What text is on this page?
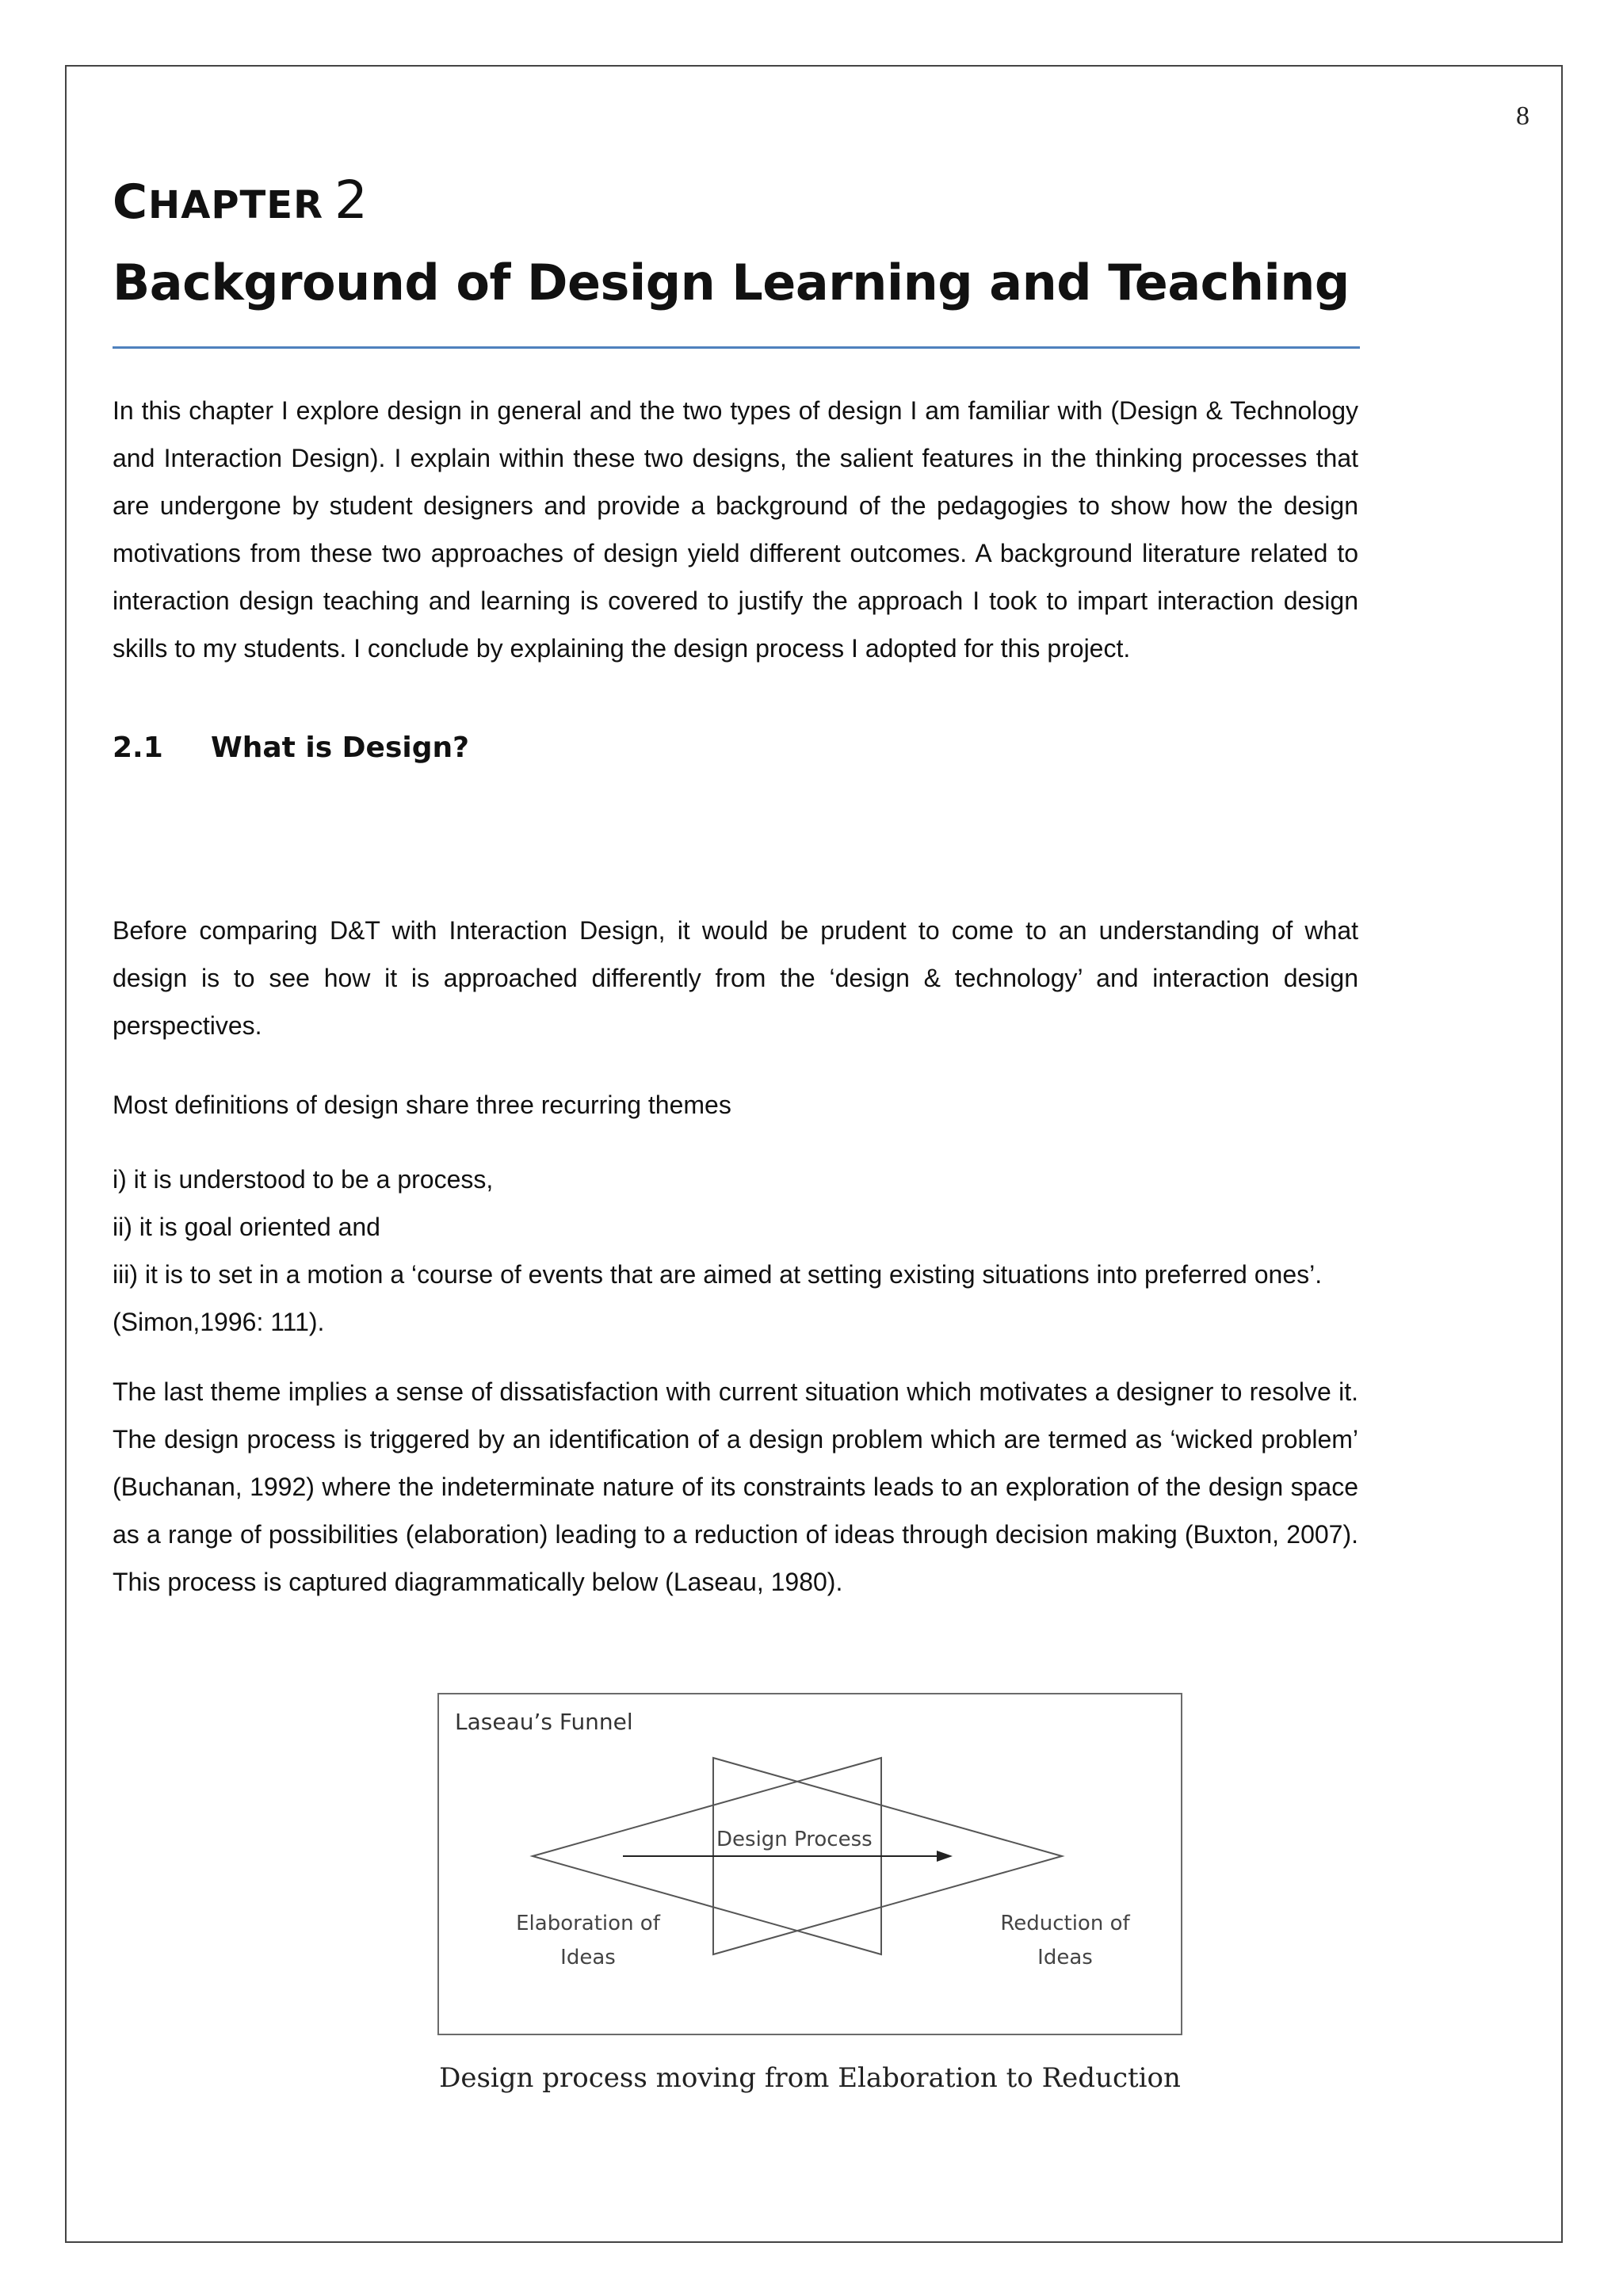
8
CHAPTER 2
Background of Design Learning and Teaching

In this chapter I explore design in general and the two types of design I am familiar with (Design & Technology and Interaction Design). I explain within these two designs, the salient features in the thinking processes that are undergone by student designers and provide a background of the pedagogies to show how the design motivations from these two approaches of design yield different outcomes. A background literature related to interaction design teaching and learning is covered to justify the approach I took to impart interaction design skills to my students. I conclude by explaining the design process I adopted for this project.

2.1 What is Design?

Before comparing D&T with Interaction Design, it would be prudent to come to an understanding of what design is to see how it is approached differently from the ‘design & technology’ and interaction design perspectives.

Most definitions of design share three recurring themes

i) it is understood to be a process,
ii) it is goal oriented and
iii) it is to set in a motion a ‘course of events that are aimed at setting existing situations into preferred ones’. (Simon,1996: 111).

The last theme implies a sense of dissatisfaction with current situation which motivates a designer to resolve it. The design process is triggered by an identification of a design problem which are termed as ‘wicked problem’ (Buchanan, 1992) where the indeterminate nature of its constraints leads to an exploration of the design space as a range of possibilities (elaboration) leading to a reduction of ideas through decision making (Buxton, 2007). This process is captured diagrammatically below (Laseau, 1980).

Laseau’s Funnel
Design Process
Elaboration of
Ideas
Reduction of
Ideas
Design process moving from Elaboration to Reduction
